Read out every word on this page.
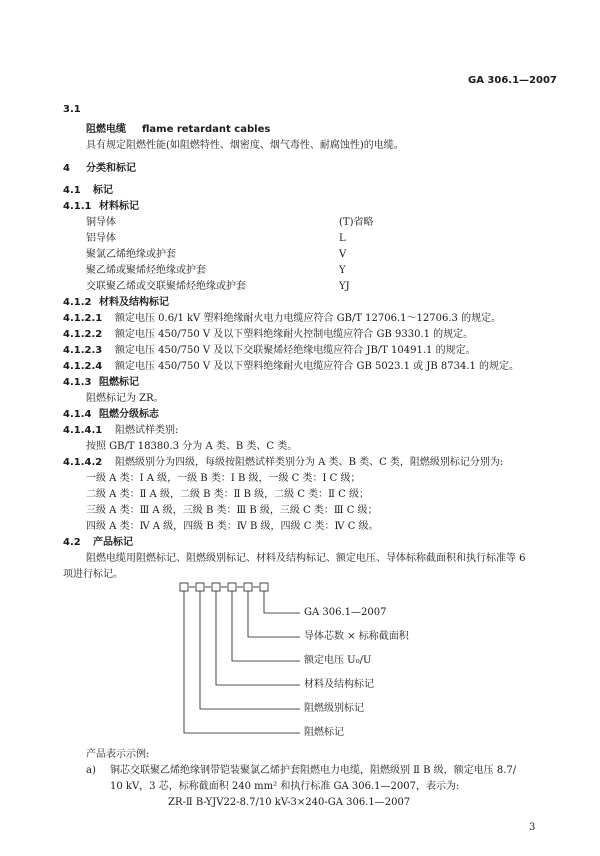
GA 306.1—2007
3.1
阻燃电缆 flame retardant cables
具有规定阻燃性能(如阻燃特性、烟密度、烟气毒性、耐腐蚀性)的电缆。
4 分类和标记
4.1 标记
4.1.1 材料标记
铜导体	(T)省略
铝导体	L
聚氯乙烯绝缘或护套	V
聚乙烯或聚烯烃绝缘或护套	Y
交联聚乙烯或交联聚烯烃绝缘或护套	YJ
4.1.2 材料及结构标记
4.1.2.1 额定电压 0.6/1 kV 塑料绝缘耐火电力电缆应符合 GB/T 12706.1～12706.3 的规定。
4.1.2.2 额定电压 450/750 V 及以下塑料绝缘耐火控制电缆应符合 GB 9330.1 的规定。
4.1.2.3 额定电压 450/750 V 及以下交联聚烯烃绝缘电缆应符合 JB/T 10491.1 的规定。
4.1.2.4 额定电压 450/750 V 及以下塑料绝缘耐火电缆应符合 GB 5023.1 或 JB 8734.1 的规定。
4.1.3 阻燃标记
阻燃标记为 ZR。
4.1.4 阻燃分级标志
4.1.4.1 阻燃试样类别:
按照 GB/T 18380.3 分为 A 类、B 类、C 类。
4.1.4.2 阻燃级别分为四级，每级按阻燃试样类别分为 A 类、B 类、C 类，阻燃级别标记分别为:
一级 A 类：Ⅰ A 级，一级 B 类：Ⅰ B 级，一级 C 类：Ⅰ C 级；
二级 A 类：Ⅱ A 级，二级 B 类：Ⅱ B 级，二级 C 类：Ⅱ C 级；
三级 A 类：Ⅲ A 级，三级 B 类：Ⅲ B 级，三级 C 类：Ⅲ C 级；
四级 A 类：Ⅳ A 级，四级 B 类：Ⅳ B 级，四级 C 类：Ⅳ C 级。
4.2 产品标记
阻燃电缆用阻燃标记、阻燃级别标记、材料及结构标记、额定电压、导体标称截面积和执行标准等 6
项进行标记。
GA 306.1—2007
导体芯数 × 标称截面积
额定电压 U₀/U
材料及结构标记
阻燃级别标记
阻燃标记
产品表示示例:
a) 铜芯交联聚乙烯绝缘钢带铠装聚氯乙烯护套阻燃电力电缆，阻燃级别 Ⅱ B 级，额定电压 8.7/
10 kV，3 芯，标称截面积 240 mm² 和执行标准 GA 306.1—2007，表示为:
ZR-Ⅱ B-YJV22-8.7/10 kV-3×240-GA 306.1—2007
3
